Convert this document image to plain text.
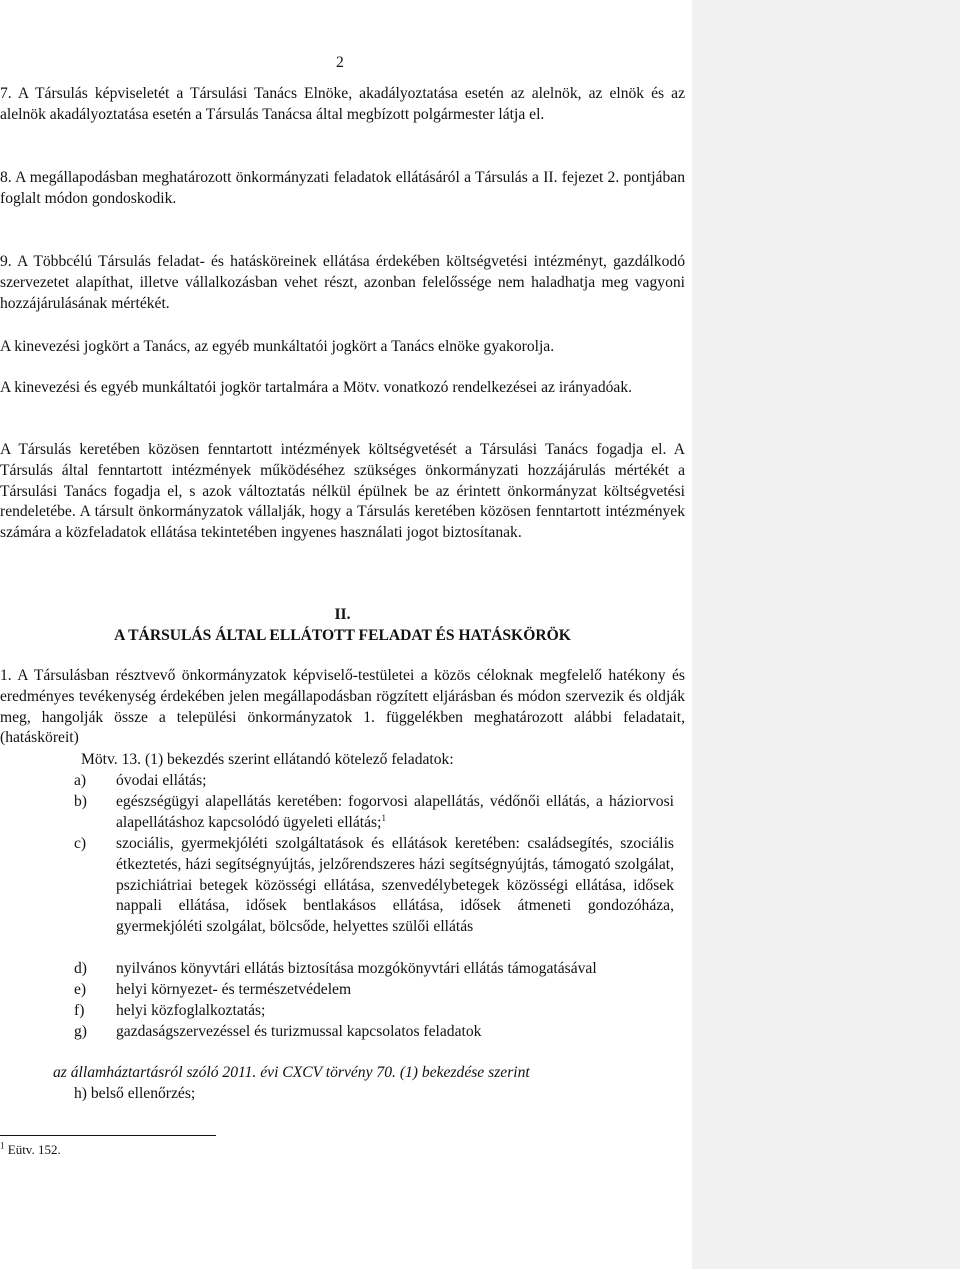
2

7. A Társulás képviseletét a Társulási Tanács Elnöke, akadályoztatása esetén az alelnök, az elnök és az alelnök akadályoztatása esetén a Társulás Tanácsa által megbízott polgármester látja el.

8. A megállapodásban meghatározott önkormányzati feladatok ellátásáról a Társulás a II. fejezet 2. pontjában foglalt módon gondoskodik.

9. A Többcélú Társulás feladat- és hatásköreinek ellátása érdekében költségvetési intézményt, gazdálkodó szervezetet alapíthat, illetve vállalkozásban vehet részt, azonban felelőssége nem haladhatja meg vagyoni hozzájárulásának mértékét.

A kinevezési jogkört a Tanács, az egyéb munkáltatói jogkört a Tanács elnöke gyakorolja.

A kinevezési és egyéb munkáltatói jogkör tartalmára a Mötv. vonatkozó rendelkezései az irányadóak.

A Társulás keretében közösen fenntartott intézmények költségvetését a Társulási Tanács fogadja el. A Társulás által fenntartott intézmények működéséhez szükséges önkormányzati hozzájárulás mértékét a Társulási Tanács fogadja el, s azok változtatás nélkül épülnek be az érintett önkormányzat költségvetési rendeletébe. A társult önkormányzatok vállalják, hogy a Társulás keretében közösen fenntartott intézmények számára a közfeladatok ellátása tekintetében ingyenes használati jogot biztosítanak.

II.
A TÁRSULÁS ÁLTAL ELLÁTOTT FELADAT ÉS HATÁSKÖRÖK

1. A Társulásban résztvevő önkormányzatok képviselő-testületei a közös céloknak megfelelő hatékony és eredményes tevékenység érdekében jelen megállapodásban rögzített eljárásban és módon szervezik és oldják meg, hangolják össze a települési önkormányzatok 1. függelékben meghatározott alábbi feladatait, (hatásköreit)

Mötv. 13. (1) bekezdés szerint ellátandó kötelező feladatok:
a)	óvodai ellátás;
b)	egészségügyi alapellátás keretében: fogorvosi alapellátás, védőnői ellátás, a háziorvosi alapellátáshoz kapcsolódó ügyeleti ellátás;$^1$
c)	szociális, gyermekjóléti szolgáltatások és ellátások keretében: családsegítés, szociális étkeztetés, házi segítségnyújtás, jelzőrendszeres házi segítségnyújtás, támogató szolgálat, pszichiátriai betegek közösségi ellátása, szenvedélybetegek közösségi ellátása, idősek nappali ellátása, idősek bentlakásos ellátása, idősek átmeneti gondozóháza, gyermekjóléti szolgálat, bölcsőde, helyettes szülői ellátás
d)	nyilvános könyvtári ellátás biztosítása mozgókönyvtári ellátás támogatásával
e)	helyi környezet- és természetvédelem
f)	helyi közfoglalkoztatás;
g)	gazdaságszervezéssel és turizmussal kapcsolatos feladatok
az államháztartásról szóló 2011. évi CXCV törvény 70. (1) bekezdése szerint
h) belső ellenőrzés;
$^1$ Eütv. 152.
